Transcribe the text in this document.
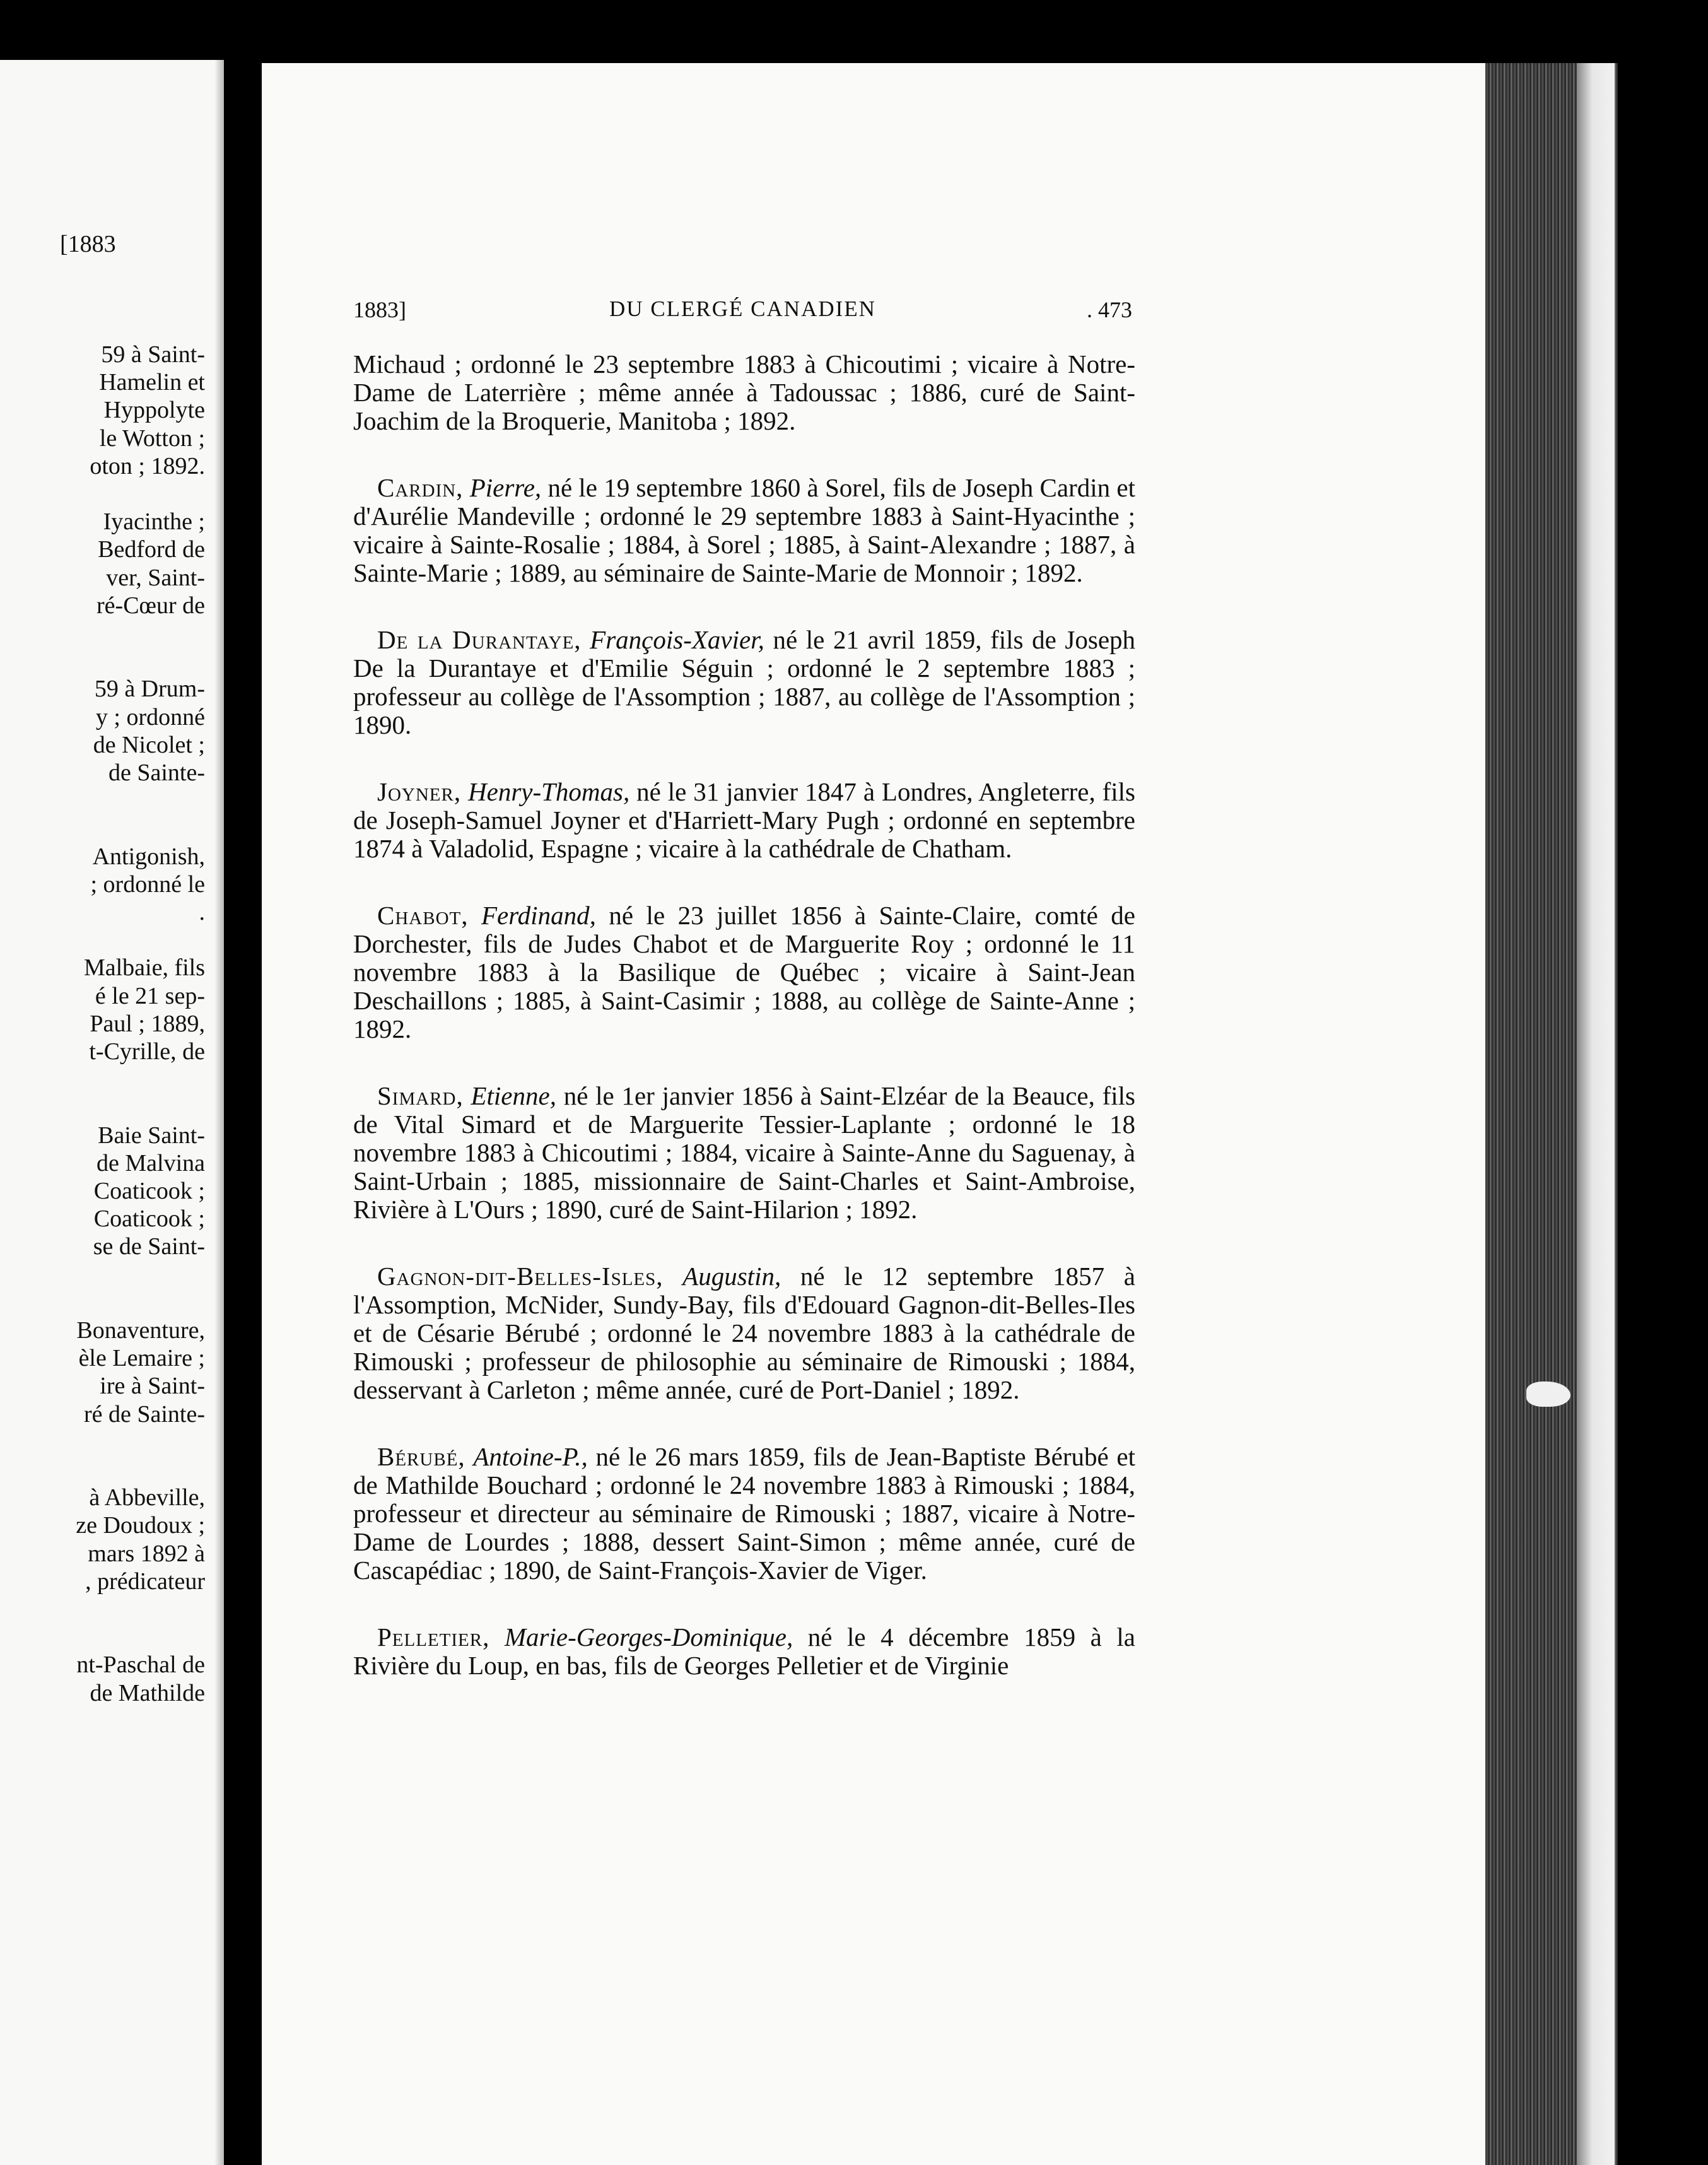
[1883
59 à Saint-
Hamelin et
Hyppolyte
le Wotton ;
oton ; 1892.
Iyacinthe ;
Bedford de
ver, Saint-
ré-Cœur de
59 à Drum-
y ; ordonné
de Nicolet ;
de Sainte-
Antigonish,
; ordonné le
.
Malbaie, fils
é le 21 sep-
Paul ; 1889,
t-Cyrille, de
Baie Saint-
de Malvina
Coaticook ;
Coaticook ;
se de Saint-
Bonaventure,
èle Lemaire ;
ire à Saint-
ré de Sainte-
à Abbeville,
ze Doudoux ;
mars 1892 à
, prédicateur
nt-Paschal de
de Mathilde
1883]	DU CLERGÉ CANADIEN	. 473

Michaud ; ordonné le 23 septembre 1883 à Chicoutimi ; vicaire à Notre-Dame de Laterrière ; même année à Tadoussac ; 1886, curé de Saint-Joachim de la Broquerie, Manitoba ; 1892.

Cardin, Pierre, né le 19 septembre 1860 à Sorel, fils de Joseph Cardin et d'Aurélie Mandeville ; ordonné le 29 septembre 1883 à Saint-Hyacinthe ; vicaire à Sainte-Rosalie ; 1884, à Sorel ; 1885, à Saint-Alexandre ; 1887, à Sainte-Marie ; 1889, au séminaire de Sainte-Marie de Monnoir ; 1892.

De la Durantaye, François-Xavier, né le 21 avril 1859, fils de Joseph De la Durantaye et d'Emilie Séguin ; ordonné le 2 septembre 1883 ; professeur au collège de l'Assomption ; 1887, au collège de l'Assomption ; 1890.

Joyner, Henry-Thomas, né le 31 janvier 1847 à Londres, Angleterre, fils de Joseph-Samuel Joyner et d'Harriett-Mary Pugh ; ordonné en septembre 1874 à Valadolid, Espagne ; vicaire à la cathédrale de Chatham.

Chabot, Ferdinand, né le 23 juillet 1856 à Sainte-Claire, comté de Dorchester, fils de Judes Chabot et de Marguerite Roy ; ordonné le 11 novembre 1883 à la Basilique de Québec ; vicaire à Saint-Jean Deschaillons ; 1885, à Saint-Casimir ; 1888, au collège de Sainte-Anne ; 1892.

Simard, Etienne, né le 1er janvier 1856 à Saint-Elzéar de la Beauce, fils de Vital Simard et de Marguerite Tessier-Laplante ; ordonné le 18 novembre 1883 à Chicoutimi ; 1884, vicaire à Sainte-Anne du Saguenay, à Saint-Urbain ; 1885, missionnaire de Saint-Charles et Saint-Ambroise, Rivière à L'Ours ; 1890, curé de Saint-Hilarion ; 1892.

Gagnon-dit-Belles-Isles, Augustin, né le 12 septembre 1857 à l'Assomption, McNider, Sundy-Bay, fils d'Edouard Gagnon-dit-Belles-Iles et de Césarie Bérubé ; ordonné le 24 novembre 1883 à la cathédrale de Rimouski ; professeur de philosophie au séminaire de Rimouski ; 1884, desservant à Carleton ; même année, curé de Port-Daniel ; 1892.

Bérubé, Antoine-P., né le 26 mars 1859, fils de Jean-Baptiste Bérubé et de Mathilde Bouchard ; ordonné le 24 novembre 1883 à Rimouski ; 1884, professeur et directeur au séminaire de Rimouski ; 1887, vicaire à Notre-Dame de Lourdes ; 1888, dessert Saint-Simon ; même année, curé de Cascapédiac ; 1890, de Saint-François-Xavier de Viger.

Pelletier, Marie-Georges-Dominique, né le 4 décembre 1859 à la Rivière du Loup, en bas, fils de Georges Pelletier et de Virginie
